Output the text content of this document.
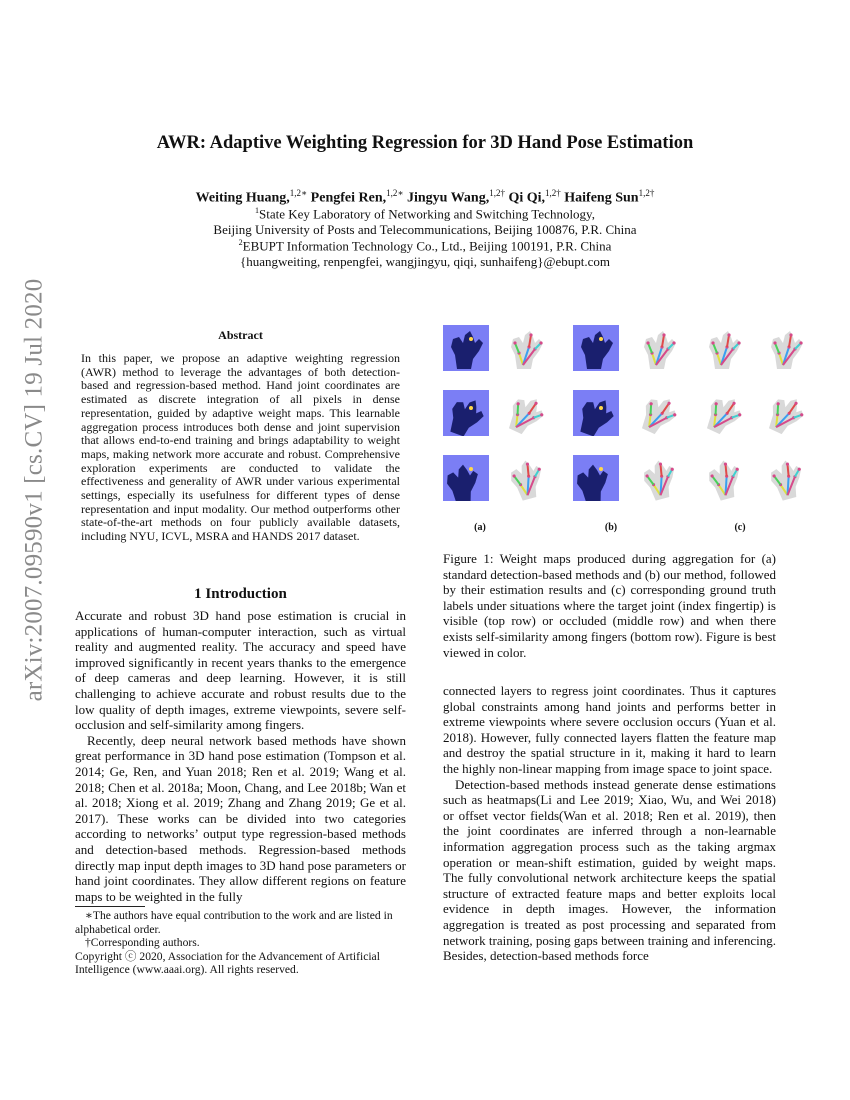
arXiv:2007.09590v1 [cs.CV] 19 Jul 2020
AWR: Adaptive Weighting Regression for 3D Hand Pose Estimation
Weiting Huang,$^{1,2∗}$ Pengfei Ren,$^{1,2∗}$ Jingyu Wang,$^{1,2\dagger}$ Qi Qi,$^{1,2\dagger}$ Haifeng Sun$^{1,2\dagger}$
$^1$State Key Laboratory of Networking and Switching Technology,
Beijing University of Posts and Telecommunications, Beijing 100876, P.R. China
$^2$EBUPT Information Technology Co., Ltd., Beijing 100191, P.R. China
{huangweiting, renpengfei, wangjingyu, qiqi, sunhaifeng}@ebupt.com
Abstract
In this paper, we propose an adaptive weighting regression (AWR) method to leverage the advantages of both detection-based and regression-based method. Hand joint coordinates are estimated as discrete integration of all pixels in dense representation, guided by adaptive weight maps. This learnable aggregation process introduces both dense and joint supervision that allows end-to-end training and brings adaptability to weight maps, making network more accurate and robust. Comprehensive exploration experiments are conducted to validate the effectiveness and generality of AWR under various experimental settings, especially its usefulness for different types of dense representation and input modality. Our method outperforms other state-of-the-art methods on four publicly available datasets, including NYU, ICVL, MSRA and HANDS 2017 dataset.
1 Introduction

Accurate and robust 3D hand pose estimation is crucial in applications of human-computer interaction, such as virtual reality and augmented reality. The accuracy and speed have improved significantly in recent years thanks to the emergence of deep cameras and deep learning. However, it is still challenging to achieve accurate and robust results due to the low quality of depth images, extreme viewpoints, severe self-occlusion and self-similarity among fingers.

Recently, deep neural network based methods have shown great performance in 3D hand pose estimation (Tompson et al. 2014; Ge, Ren, and Yuan 2018; Ren et al. 2019; Wang et al. 2018; Chen et al. 2018a; Moon, Chang, and Lee 2018b; Wan et al. 2018; Xiong et al. 2019; Zhang and Zhang 2019; Ge et al. 2017). These works can be divided into two categories according to networks’ output type regression-based methods and detection-based methods. Regression-based methods directly map input depth images to 3D hand pose parameters or hand joint coordinates. They allow different regions on feature maps to be weighted in the fully

∗The authors have equal contribution to the work and are listed in alphabetical order.

†Corresponding authors.

Copyright ⓒ 2020, Association for the Advancement of Artificial Intelligence (www.aaai.org). All rights reserved.

(a)	(b)	(c)

Figure 1: Weight maps produced during aggregation for (a) standard detection-based methods and (b) our method, followed by their estimation results and (c) corresponding ground truth labels under situations where the target joint (index fingertip) is visible (top row) or occluded (middle row) and when there exists self-similarity among fingers (bottom row). Figure is best viewed in color.

connected layers to regress joint coordinates. Thus it captures global constraints among hand joints and performs better in extreme viewpoints where severe occlusion occurs (Yuan et al. 2018). However, fully connected layers flatten the feature map and destroy the spatial structure in it, making it hard to learn the highly non-linear mapping from image space to joint space.

Detection-based methods instead generate dense estimations such as heatmaps(Li and Lee 2019; Xiao, Wu, and Wei 2018) or offset vector fields(Wan et al. 2018; Ren et al. 2019), then the joint coordinates are inferred through a non-learnable information aggregation process such as the taking argmax operation or mean-shift estimation, guided by weight maps. The fully convolutional network architecture keeps the spatial structure of extracted feature maps and better exploits local evidence in depth images. However, the information aggregation is treated as post processing and separated from network training, posing gaps between training and inferencing. Besides, detection-based methods force
